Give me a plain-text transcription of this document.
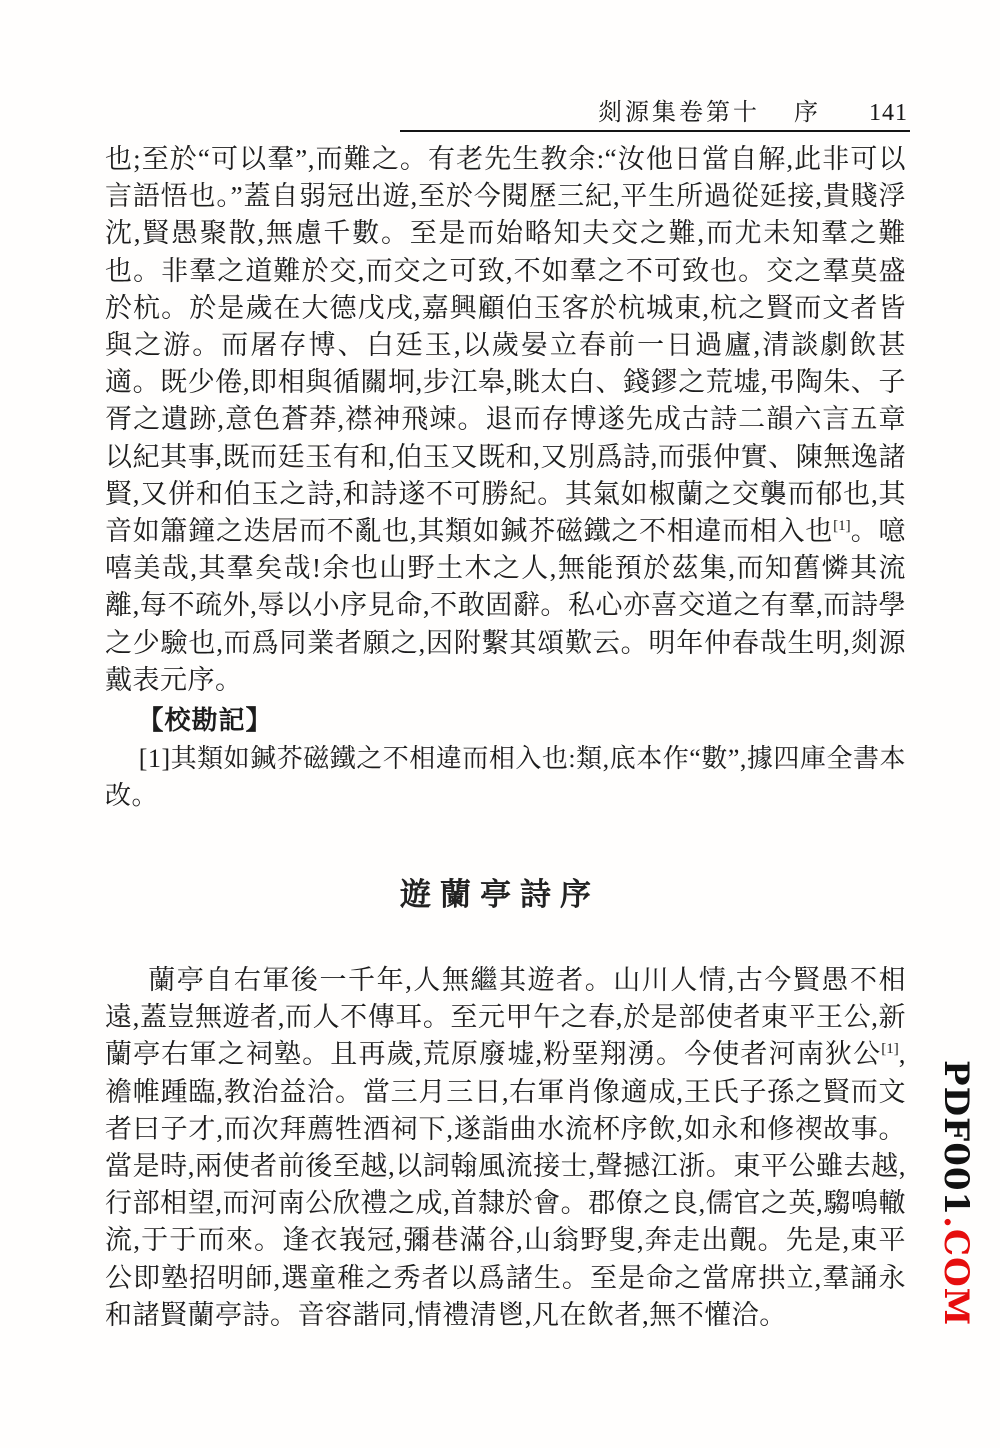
剡源集卷第十 序 141

也;至於“可以羣”,而難之。有老先生教余:“汝他日當自解,此非可以言語悟也。”蓋自弱冠出遊,至於今閱歷三紀,平生所過從延接,貴賤浮沈,賢愚聚散,無慮千數。至是而始略知夫交之難,而尤未知羣之難也。非羣之道難於交,而交之可致,不如羣之不可致也。交之羣莫盛於杭。於是歲在大德戊戌,嘉興顧伯玉客於杭城東,杭之賢而文者皆與之游。而屠存博、白廷玉,以歲晏立春前一日過廬,清談劇飲甚適。既少倦,即相與循關坰,步江皋,眺太白、錢鏐之荒墟,弔陶朱、子胥之遺跡,意色蒼莽,襟神飛竦。退而存博遂先成古詩二韻六言五章以紀其事,既而廷玉有和,伯玉又既和,又別爲詩,而張仲實、陳無逸諸賢,又併和伯玉之詩,和詩遂不可勝紀。其氣如椒蘭之交襲而郁也,其音如簫鐘之迭居而不亂也,其類如鍼芥磁鐵之不相違而相入也[1]。噫嘻美哉,其羣矣哉!余也山野土木之人,無能預於茲集,而知舊憐其流離,每不疏外,辱以小序見命,不敢固辭。私心亦喜交道之有羣,而詩學之少驗也,而爲同業者願之,因附繫其頌歎云。明年仲春哉生明,剡源戴表元序。

【校勘記】

[1]其類如鍼芥磁鐵之不相違而相入也:類,底本作“數”,據四庫全書本改。

遊蘭亭詩序

蘭亭自右軍後一千年,人無繼其遊者。山川人情,古今賢愚不相遠,蓋豈無遊者,而人不傳耳。至元甲午之春,於是部使者東平王公,新蘭亭右軍之祠塾。且再歲,荒原廢墟,粉堊翔湧。今使者河南狄公[1],襜帷踵臨,教治益洽。當三月三日,右軍肖像適成,王氏子孫之賢而文者曰子才,而次拜薦牲酒祠下,遂詣曲水流杯序飲,如永和修禊故事。當是時,兩使者前後至越,以詞翰風流接士,聲撼江浙。東平公雖去越,行部相望,而河南公欣禮之成,首隸於會。郡僚之良,儒官之英,騶鳴轍流,于于而來。逢衣峩冠,彌巷滿谷,山翁野叟,奔走出覿。先是,東平公即塾招明師,選童稚之秀者以爲諸生。至是命之當席拱立,羣誦永和諸賢蘭亭詩。音容諧同,情禮清鬯,凡在飲者,無不懽洽。

PDF001.COM
